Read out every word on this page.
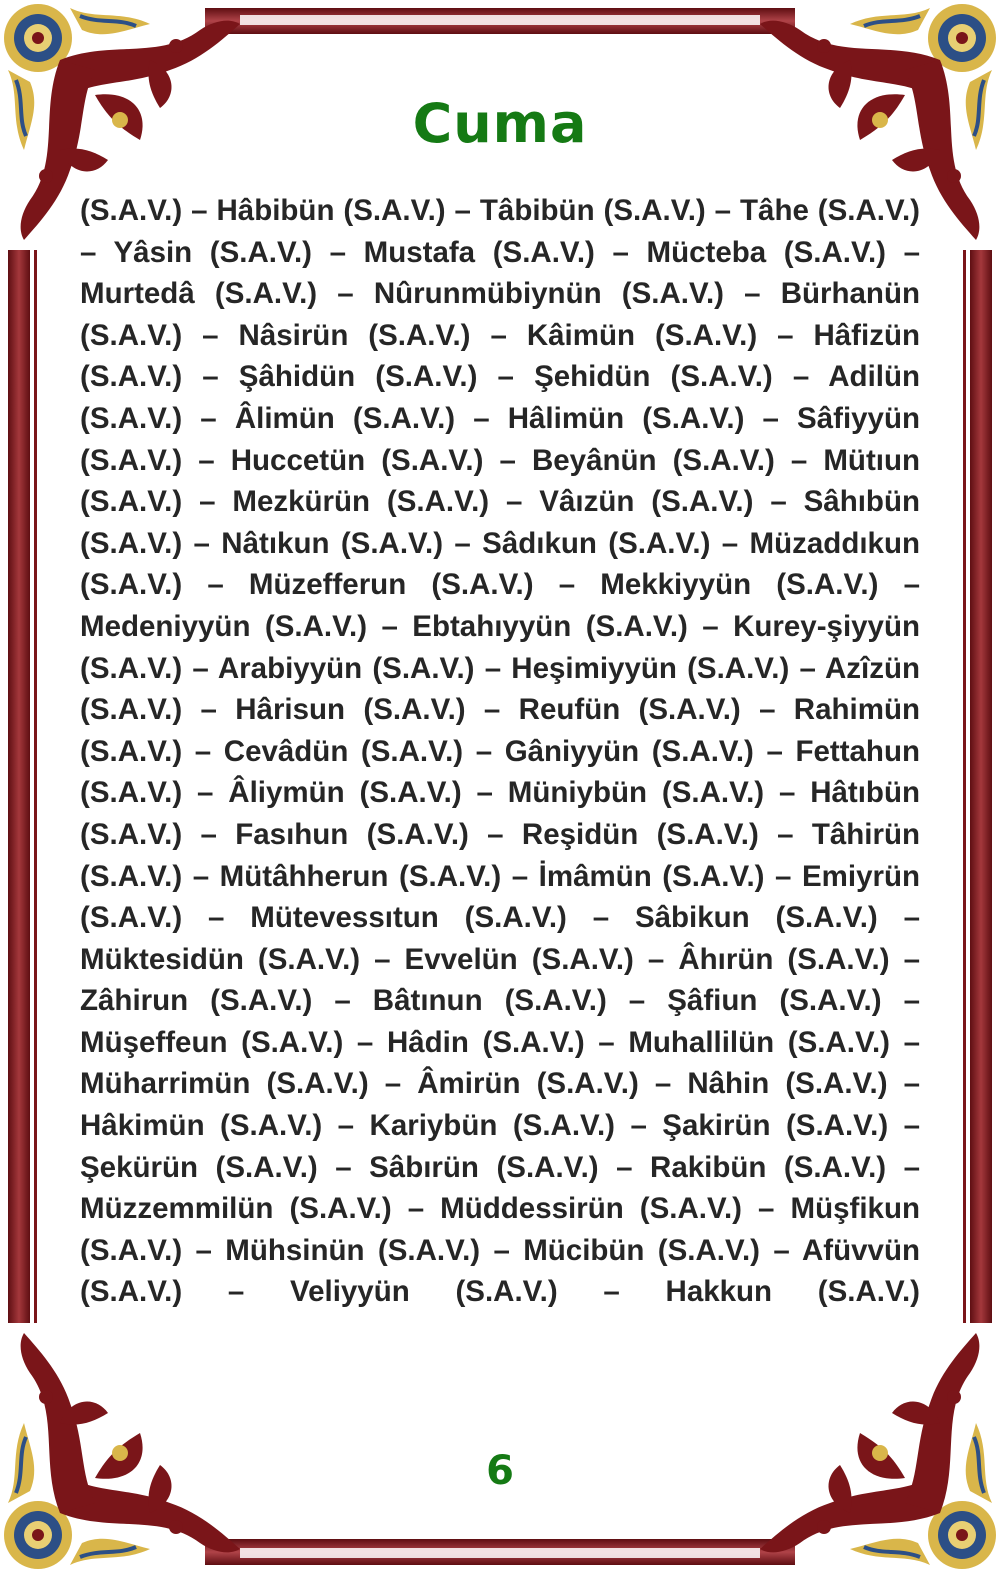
Cuma
(S.A.V.) – Hâbibün (S.A.V.) – Tâbibün (S.A.V.) – Tâhe (S.A.V.) – Yâsin (S.A.V.) – Mustafa (S.A.V.) – Mücteba (S.A.V.) – Murtedâ (S.A.V.) – Nûrunmübiynün (S.A.V.) – Bürhanün (S.A.V.) – Nâsirün (S.A.V.) – Kâimün (S.A.V.) – Hâfizün (S.A.V.) – Şâhidün (S.A.V.) – Şehidün (S.A.V.) – Adilün (S.A.V.) – Âlimün (S.A.V.) – Hâlimün (S.A.V.) – Sâfiyyün (S.A.V.) – Huccetün (S.A.V.) – Beyânün (S.A.V.) – Mütıun (S.A.V.) – Mezkürün (S.A.V.) – Vâızün (S.A.V.) – Sâhıbün (S.A.V.) – Nâtıkun (S.A.V.) – Sâdıkun (S.A.V.) – Müzaddıkun (S.A.V.) – Müzefferun (S.A.V.) – Mekkiyyün (S.A.V.) – Medeniyyün (S.A.V.) – Ebtahıyyün (S.A.V.) – Kurey-şiyyün (S.A.V.) – Arabiyyün (S.A.V.) – Heşimiyyün (S.A.V.) – Azîzün (S.A.V.) – Hârisun (S.A.V.) – Reufün (S.A.V.) – Rahimün (S.A.V.) – Cevâdün (S.A.V.) – Gâniyyün (S.A.V.) – Fettahun (S.A.V.) – Âliymün (S.A.V.) – Müniybün (S.A.V.) – Hâtıbün (S.A.V.) – Fasıhun (S.A.V.) – Reşidün (S.A.V.) – Tâhirün (S.A.V.) – Mütâhherun (S.A.V.) – İmâmün (S.A.V.) – Emiyrün (S.A.V.) – Mütevessıtun (S.A.V.) – Sâbikun (S.A.V.) – Müktesidün (S.A.V.) – Evvelün (S.A.V.) – Âhırün (S.A.V.) – Zâhirun (S.A.V.) – Bâtınun (S.A.V.) – Şâfiun (S.A.V.) – Müşeffeun (S.A.V.) – Hâdin (S.A.V.) – Muhallilün (S.A.V.) – Müharrimün (S.A.V.) – Âmirün (S.A.V.) – Nâhin (S.A.V.) – Hâkimün (S.A.V.) – Kariybün (S.A.V.) – Şakirün (S.A.V.) – Şekürün (S.A.V.) – Sâbırün (S.A.V.) – Rakibün (S.A.V.) – Müzzemmilün (S.A.V.) – Müddessirün (S.A.V.) – Müşfikun (S.A.V.) – Mühsinün (S.A.V.) – Mücibün (S.A.V.) – Afüvvün (S.A.V.) – Veliyyün (S.A.V.) – Hakkun (S.A.V.)
6
